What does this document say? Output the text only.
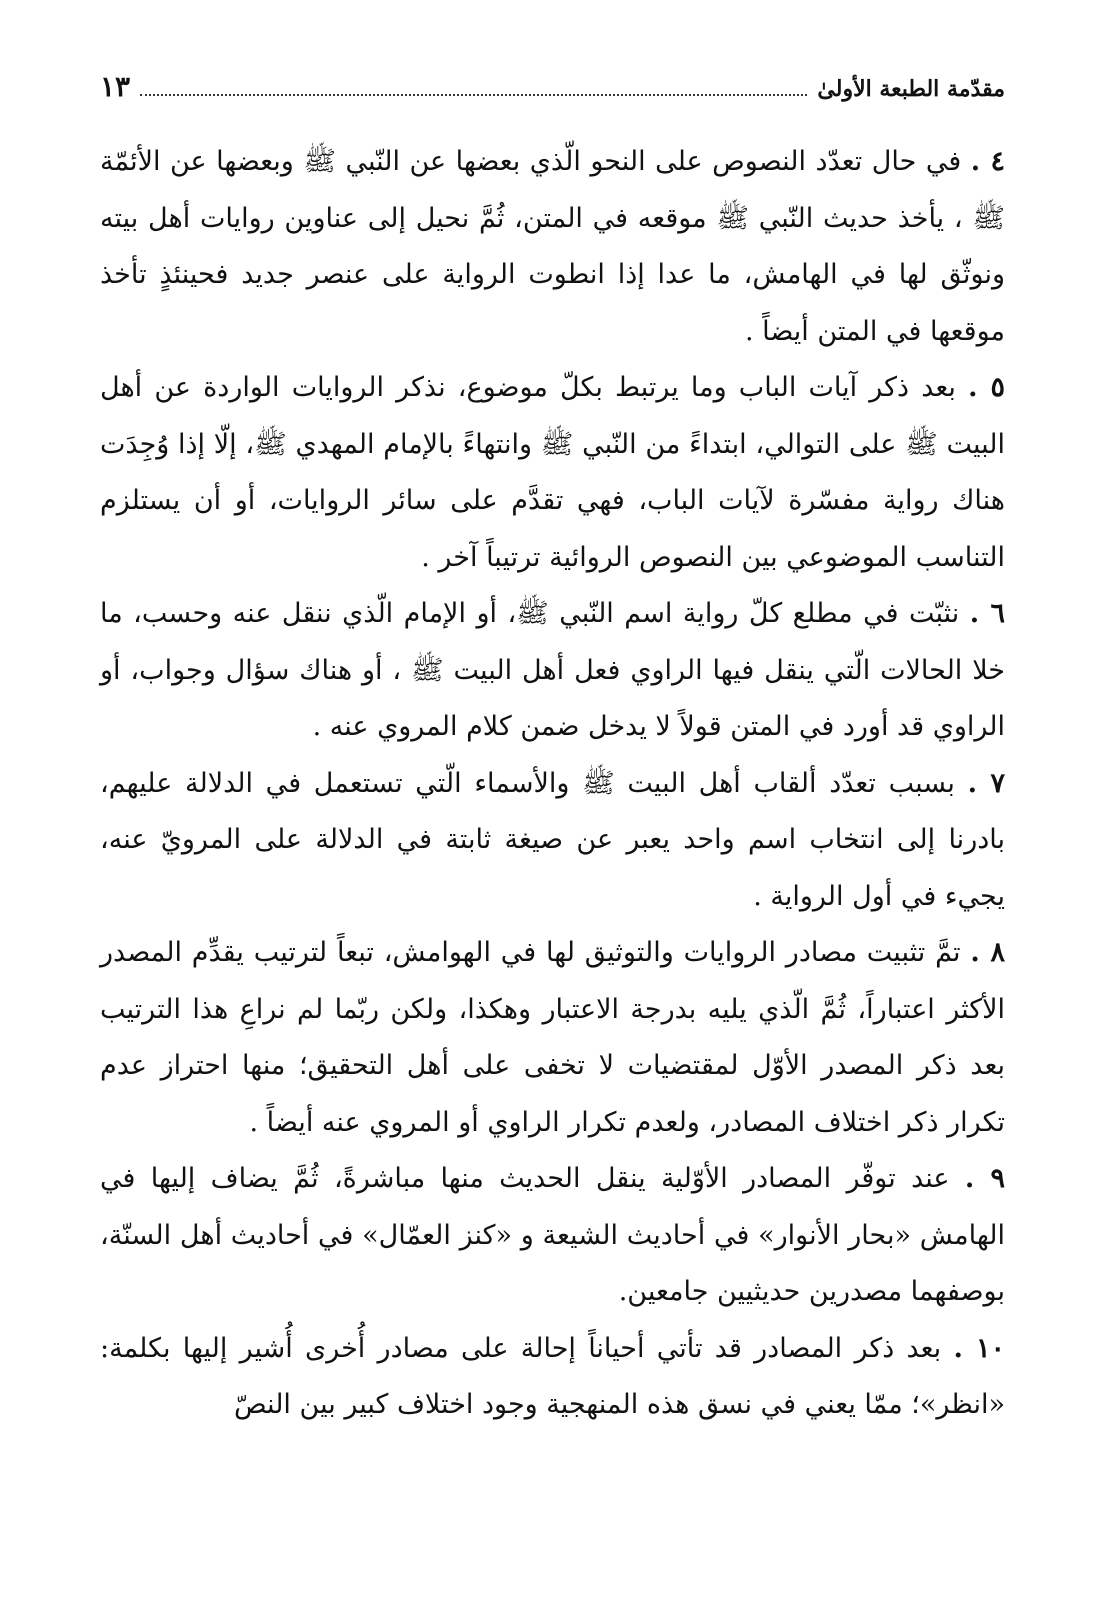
مقدّمة الطبعة الأولىٰ
١٣

٤ . في حال تعدّد النصوص على النحو الّذي بعضها عن النّبي ﷺ وبعضها عن الأئمّة ﷺ ، يأخذ حديث النّبي ﷺ موقعه في المتن، ثُمَّ نحيل إلى عناوين روايات أهل بيته ونوثّق لها في الهامش، ما عدا إذا انطوت الرواية على عنصر جديد فحينئذٍ تأخذ موقعها في المتن أيضاً .

٥ . بعد ذكر آيات الباب وما يرتبط بكلّ موضوع، نذكر الروايات الواردة عن أهل البيت ﷺ على التوالي، ابتداءً من النّبي ﷺ وانتهاءً بالإمام المهدي ﷺ، إلّا إذا وُجِدَت هناك رواية مفسّرة لآيات الباب، فهي تقدَّم على سائر الروايات، أو أن يستلزم التناسب الموضوعي بين النصوص الروائية ترتيباً آخر .

٦ . نثبّت في مطلع كلّ رواية اسم النّبي ﷺ، أو الإمام الّذي ننقل عنه وحسب، ما خلا الحالات الّتي ينقل فيها الراوي فعل أهل البيت ﷺ ، أو هناك سؤال وجواب، أو الراوي قد أورد في المتن قولاً لا يدخل ضمن كلام المروي عنه .

٧ . بسبب تعدّد ألقاب أهل البيت ﷺ والأسماء الّتي تستعمل في الدلالة عليهم، بادرنا إلى انتخاب اسم واحد يعبر عن صيغة ثابتة في الدلالة على المرويّ عنه، يجيء في أول الرواية .

٨ . تمَّ تثبيت مصادر الروايات والتوثيق لها في الهوامش، تبعاً لترتيب يقدِّم المصدر الأكثر اعتباراً، ثُمَّ الّذي يليه بدرجة الاعتبار وهكذا، ولكن ربّما لم نراعِ هذا الترتيب بعد ذكر المصدر الأوّل لمقتضيات لا تخفى على أهل التحقيق؛ منها احتراز عدم تكرار ذكر اختلاف المصادر، ولعدم تكرار الراوي أو المروي عنه أيضاً .

٩ . عند توفّر المصادر الأوّلية ينقل الحديث منها مباشرةً، ثُمَّ يضاف إليها في الهامش «بحار الأنوار» في أحاديث الشيعة و «كنز العمّال» في أحاديث أهل السنّة، بوصفهما مصدرين حديثيين جامعين.

١٠ . بعد ذكر المصادر قد تأتي أحياناً إحالة على مصادر أُخرى أُشير إليها بكلمة: «انظر»؛ ممّا يعني في نسق هذه المنهجية وجود اختلاف كبير بين النصّ
